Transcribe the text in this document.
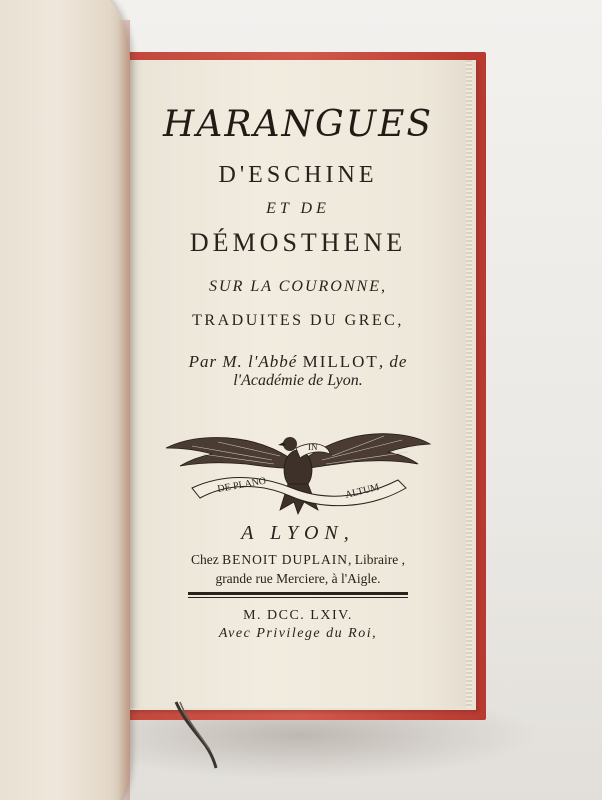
HARANGUES
D'ESCHINE
ET DE
DÉMOSTHENE
SUR LA COURONNE,
TRADUITES DU GREC,
Par M. l'Abbé MILLOT, de
l'Académie de Lyon.
DE PLANO
IN
ALTUM
A LYON,
Chez BENOIT DUPLAIN, Libraire ,
grande rue Merciere, à l'Aigle.
M. DCC. LXIV.
Avec Privilege du Roi,
